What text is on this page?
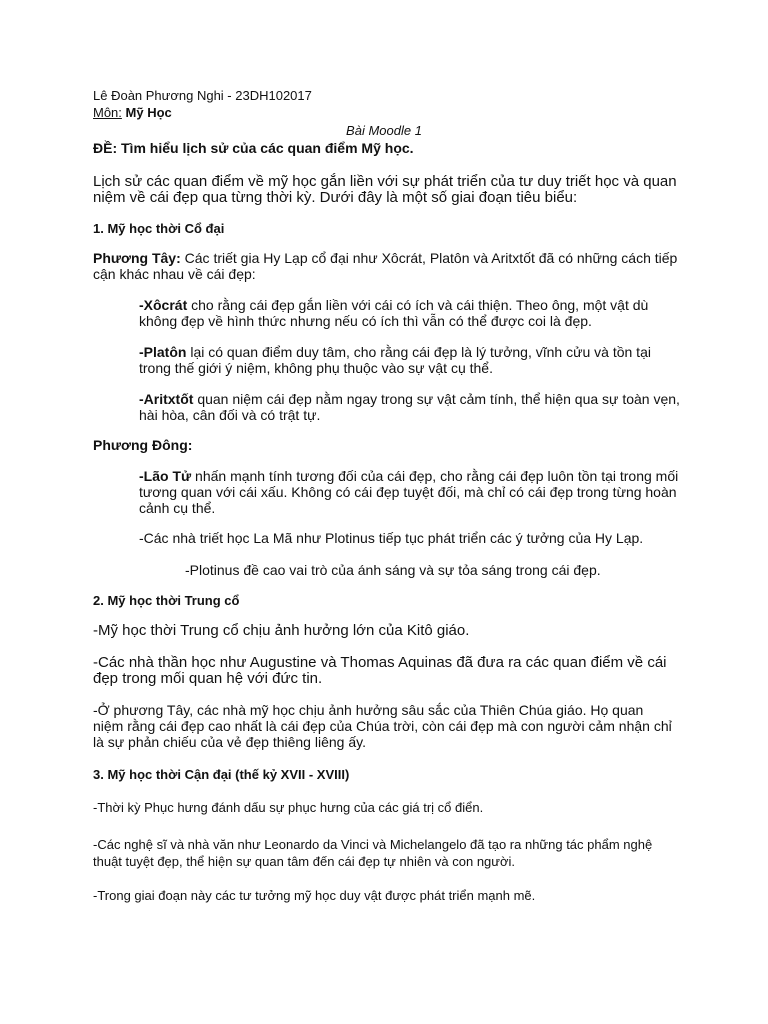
Lê Đoàn Phương Nghi - 23DH102017

Môn: Mỹ Học

Bài Moodle 1

ĐỀ: Tìm hiểu lịch sử của các quan điểm Mỹ học.

Lịch sử các quan điểm về mỹ học gắn liền với sự phát triển của tư duy triết học và quan niệm về cái đẹp qua từng thời kỳ. Dưới đây là một số giai đoạn tiêu biểu:

1. Mỹ học thời Cổ đại

Phương Tây: Các triết gia Hy Lạp cổ đại như Xôcrát, Platôn và Aritxtốt đã có những cách tiếp cận khác nhau về cái đẹp:

-Xôcrát cho rằng cái đẹp gắn liền với cái có ích và cái thiện. Theo ông, một vật dù không đẹp về hình thức nhưng nếu có ích thì vẫn có thể được coi là đẹp.

-Platôn lại có quan điểm duy tâm, cho rằng cái đẹp là lý tưởng, vĩnh cửu và tồn tại trong thế giới ý niệm, không phụ thuộc vào sự vật cụ thể.

-Aritxtốt quan niệm cái đẹp nằm ngay trong sự vật cảm tính, thể hiện qua sự toàn vẹn, hài hòa, cân đối và có trật tự.

Phương Đông:

-Lão Tử nhấn mạnh tính tương đối của cái đẹp, cho rằng cái đẹp luôn tồn tại trong mối tương quan với cái xấu. Không có cái đẹp tuyệt đối, mà chỉ có cái đẹp trong từng hoàn cảnh cụ thể.

-Các nhà triết học La Mã như Plotinus tiếp tục phát triển các ý tưởng của Hy Lạp.

-Plotinus đề cao vai trò của ánh sáng và sự tỏa sáng trong cái đẹp.

2. Mỹ học thời Trung cổ

-Mỹ học thời Trung cổ chịu ảnh hưởng lớn của Kitô giáo.

-Các nhà thần học như Augustine và Thomas Aquinas đã đưa ra các quan điểm về cái đẹp trong mối quan hệ với đức tin.

-Ở phương Tây, các nhà mỹ học chịu ảnh hưởng sâu sắc của Thiên Chúa giáo. Họ quan niệm rằng cái đẹp cao nhất là cái đẹp của Chúa trời, còn cái đẹp mà con người cảm nhận chỉ là sự phản chiếu của vẻ đẹp thiêng liêng ấy.

3. Mỹ học thời Cận đại (thế kỷ XVII - XVIII)

-Thời kỳ Phục hưng đánh dấu sự phục hưng của các giá trị cổ điển.

-Các nghệ sĩ và nhà văn như Leonardo da Vinci và Michelangelo đã tạo ra những tác phẩm nghệ thuật tuyệt đẹp, thể hiện sự quan tâm đến cái đẹp tự nhiên và con người.

-Trong giai đoạn này các tư tưởng mỹ học duy vật được phát triển mạnh mẽ.
